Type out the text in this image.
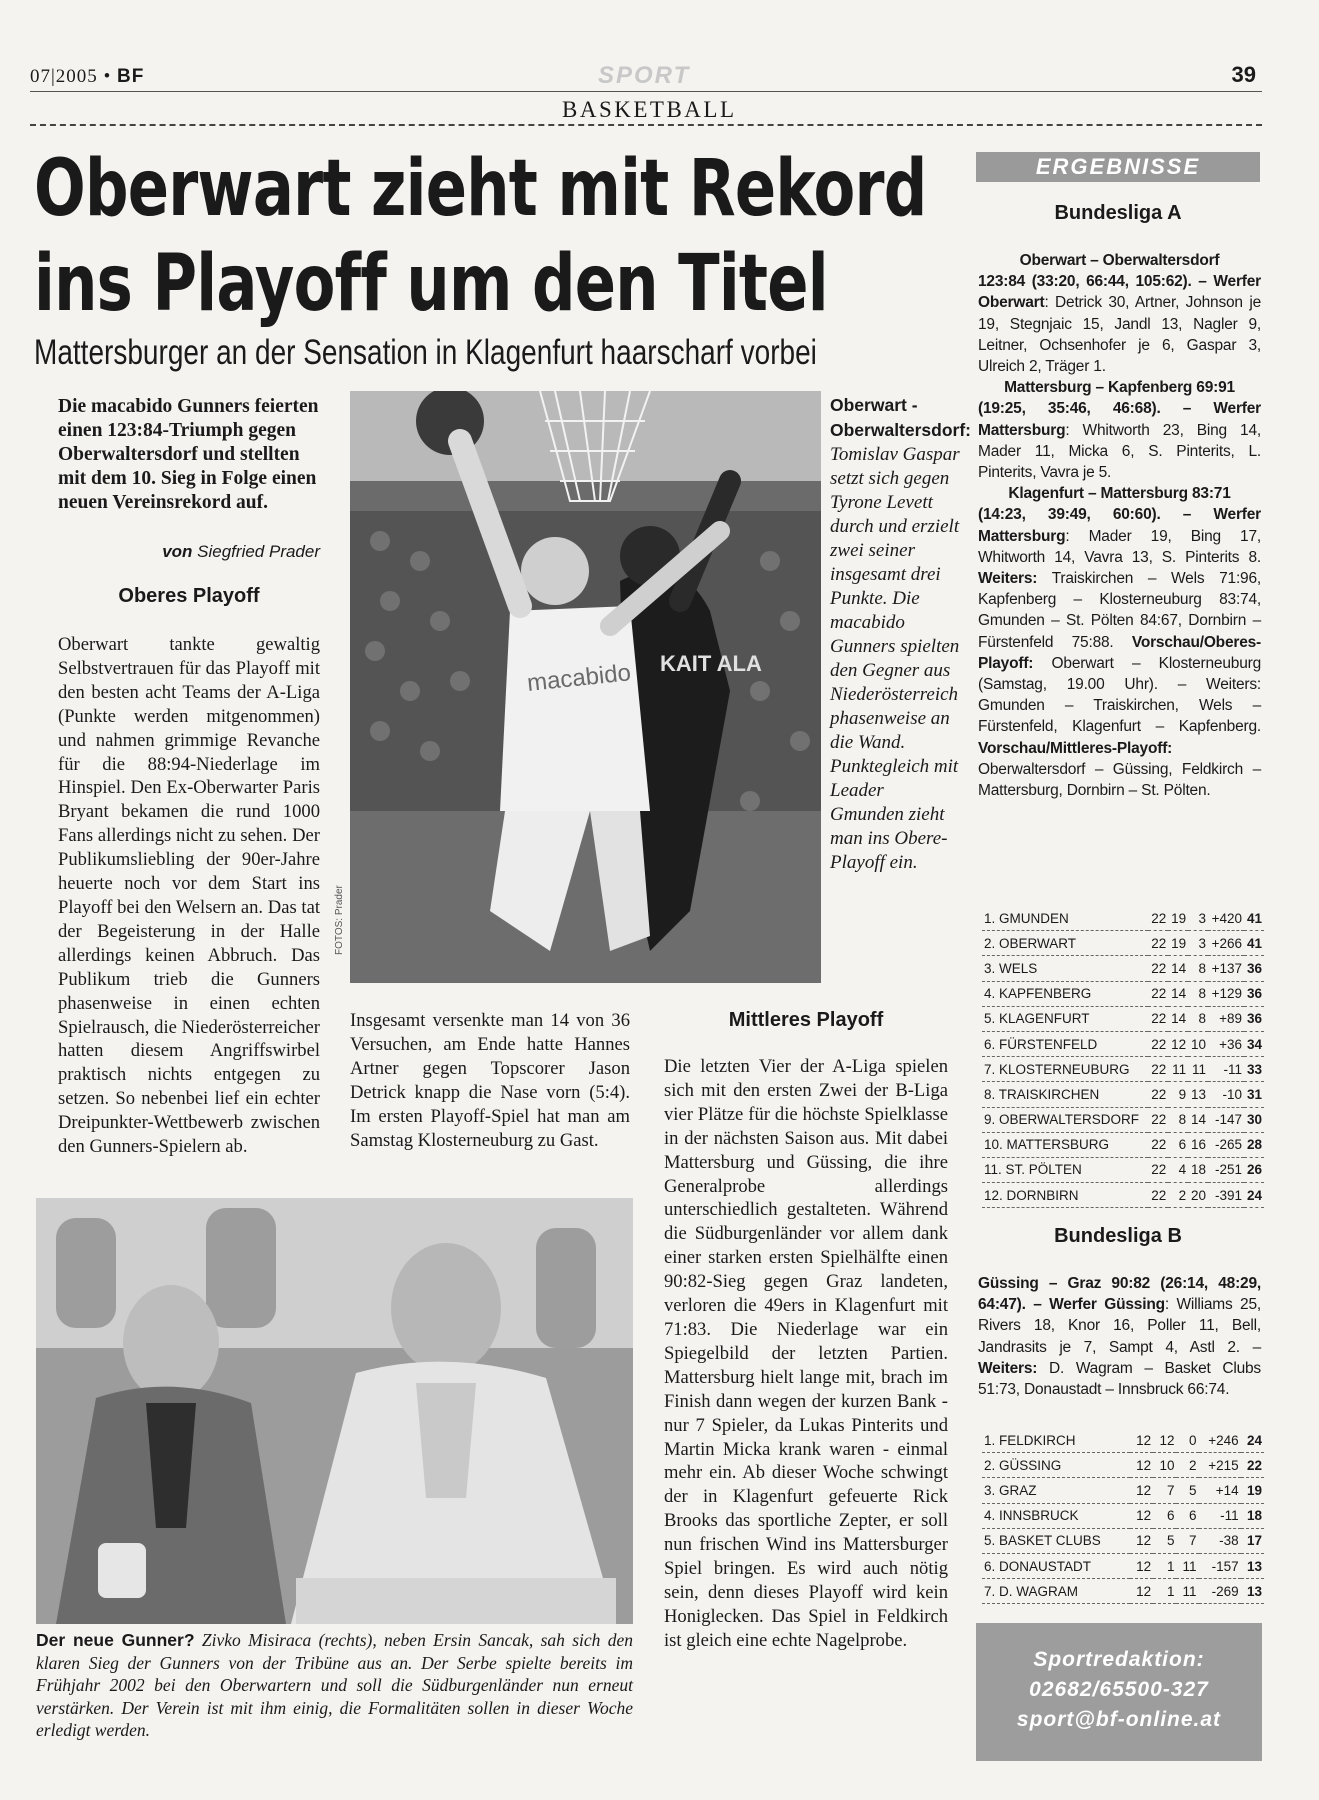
07|2005 • BF	SPORT	39
BASKETBALL
Oberwart zieht mit Rekord
ins Playoff um den Titel
Mattersburger an der Sensation in Klagenfurt haarscharf vorbei
Die macabido Gunners feierten einen 123:84-Triumph gegen Oberwaltersdorf und stellten mit dem 10. Sieg in Folge einen neuen Vereinsrekord auf.
von Siegfried Prader
Oberes Playoff
Oberwart tankte gewaltig Selbstvertrauen für das Playoff mit den besten acht Teams der A-Liga (Punkte werden mitgenommen) und nahmen grimmige Revanche für die 88:94-Niederlage im Hinspiel. Den Ex-Oberwarter Paris Bryant bekamen die rund 1000 Fans allerdings nicht zu sehen. Der Publikumsliebling der 90er-Jahre heuerte noch vor dem Start ins Playoff bei den Welsern an. Das tat der Begeisterung in der Halle allerdings keinen Abbruch. Das Publikum trieb die Gunners phasenweise in einen echten Spielrausch, die Niederösterreicher hatten diesem Angriffswirbel praktisch nichts entgegen zu setzen. So nebenbei lief ein echter Dreipunkter-Wettbewerb zwischen den Gunners-Spielern ab.
KAIT ALA
macabido
FOTOS: Prader
Oberwart - Oberwaltersdorf: Tomislav Gaspar setzt sich gegen Tyrone Levett durch und erzielt zwei seiner insgesamt drei Punkte. Die macabido Gunners spielten den Gegner aus Niederösterreich phasenweise an die Wand. Punktegleich mit Leader Gmunden zieht man ins Obere-Playoff ein.
Insgesamt versenkte man 14 von 36 Versuchen, am Ende hatte Hannes Artner gegen Topscorer Jason Detrick knapp die Nase vorn (5:4). Im ersten Playoff-Spiel hat man am Samstag Klosterneuburg zu Gast.
Mittleres Playoff
Die letzten Vier der A-Liga spielen sich mit den ersten Zwei der B-Liga vier Plätze für die höchste Spielklasse in der nächsten Saison aus. Mit dabei Mattersburg und Güssing, die ihre Generalprobe allerdings unterschiedlich gestalteten. Während die Südburgenländer vor allem dank einer starken ersten Spielhälfte einen 90:82-Sieg gegen Graz landeten, verloren die 49ers in Klagenfurt mit 71:83. Die Niederlage war ein Spiegelbild der letzten Partien. Mattersburg hielt lange mit, brach im Finish dann wegen der kurzen Bank - nur 7 Spieler, da Lukas Pinterits und Martin Micka krank waren - einmal mehr ein. Ab dieser Woche schwingt der in Klagenfurt gefeuerte Rick Brooks das sportliche Zepter, er soll nun frischen Wind ins Mattersburger Spiel bringen. Es wird auch nötig sein, denn dieses Playoff wird kein Honiglecken. Das Spiel in Feldkirch ist gleich eine echte Nagelprobe.
Der neue Gunner? Zivko Misiraca (rechts), neben Ersin Sancak, sah sich den klaren Sieg der Gunners von der Tribüne aus an. Der Serbe spielte bereits im Frühjahr 2002 bei den Oberwartern und soll die Südburgenländer nun erneut verstärken. Der Verein ist mit ihm einig, die Formalitäten sollen in dieser Woche erledigt werden.
ERGEBNISSE
Bundesliga A
Oberwart – Oberwaltersdorf
123:84 (33:20, 66:44, 105:62). – Werfer Oberwart: Detrick 30, Artner, Johnson je 19, Stegnjaic 15, Jandl 13, Nagler 9, Leitner, Ochsenhofer je 6, Gaspar 3, Ulreich 2, Träger 1.
Mattersburg – Kapfenberg 69:91
(19:25, 35:46, 46:68). – Werfer Mattersburg: Whitworth 23, Bing 14, Mader 11, Micka 6, S. Pinterits, L. Pinterits, Vavra je 5.
Klagenfurt – Mattersburg 83:71
(14:23, 39:49, 60:60). – Werfer Mattersburg: Mader 19, Bing 17, Whitworth 14, Vavra 13, S. Pinterits 8. Weiters: Traiskirchen – Wels 71:96, Kapfenberg – Klosterneuburg 83:74, Gmunden – St. Pölten 84:67, Dornbirn – Fürstenfeld 75:88. Vorschau/Oberes-Playoff: Oberwart – Klosterneuburg (Samstag, 19.00 Uhr). – Weiters: Gmunden – Traiskirchen, Wels – Fürstenfeld, Klagenfurt – Kapfenberg. Vorschau/Mittleres-Playoff: Oberwaltersdorf – Güssing, Feldkirch – Mattersburg, Dornbirn – St. Pölten.
1. GMUNDEN	22	19	3	+420	41
2. OBERWART	22	19	3	+266	41
3. WELS	22	14	8	+137	36
4. KAPFENBERG	22	14	8	+129	36
5. KLAGENFURT	22	14	8	+89	36
6. FÜRSTENFELD	22	12	10	+36	34
7. KLOSTERNEUBURG	22	11	11	-11	33
8. TRAISKIRCHEN	22	9	13	-10	31
9. OBERWALTERSDORF	22	8	14	-147	30
10. MATTERSBURG	22	6	16	-265	28
11. ST. PÖLTEN	22	4	18	-251	26
12. DORNBIRN	22	2	20	-391	24
Bundesliga B
Güssing – Graz 90:82 (26:14, 48:29, 64:47). – Werfer Güssing: Williams 25, Rivers 18, Knor 16, Poller 11, Bell, Jandrasits je 7, Sampt 4, Astl 2. – Weiters: D. Wagram – Basket Clubs 51:73, Donaustadt – Innsbruck 66:74.
1. FELDKIRCH	12	12	0	+246	24
2. GÜSSING	12	10	2	+215	22
3. GRAZ	12	7	5	+14	19
4. INNSBRUCK	12	6	6	-11	18
5. BASKET CLUBS	12	5	7	-38	17
6. DONAUSTADT	12	1	11	-157	13
7. D. WAGRAM	12	1	11	-269	13
Sportredaktion:
02682/65500-327
sport@bf-online.at
